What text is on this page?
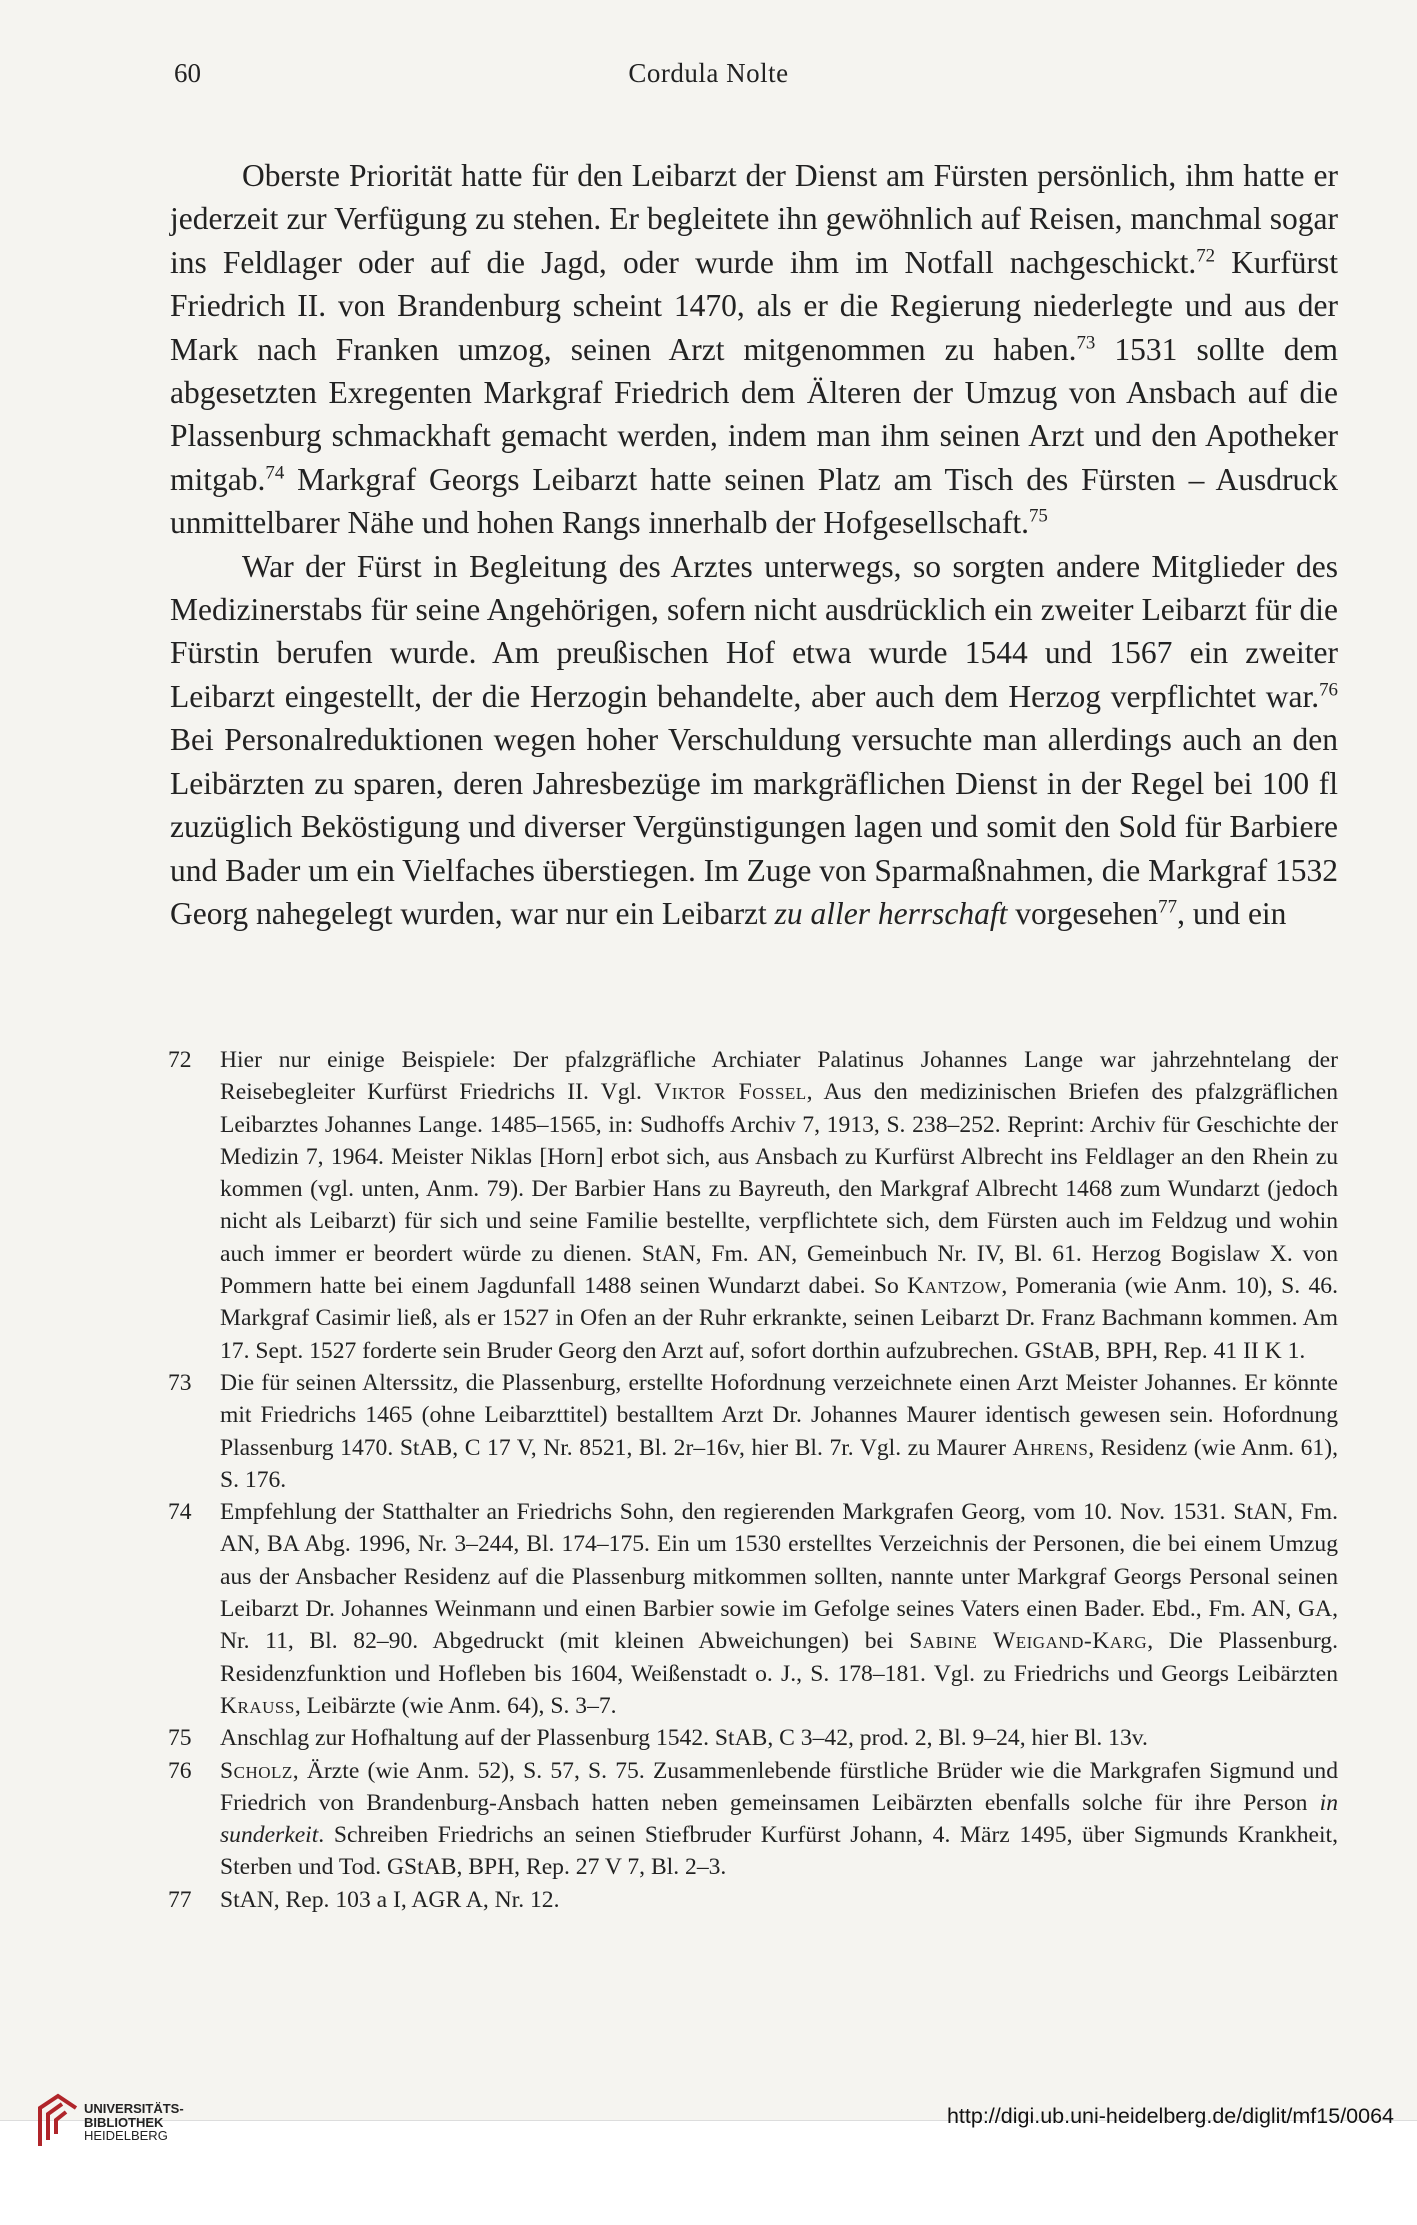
60	Cordula Nolte

Oberste Priorität hatte für den Leibarzt der Dienst am Fürsten persönlich, ihm hatte er jederzeit zur Verfügung zu stehen. Er begleitete ihn gewöhnlich auf Reisen, manchmal sogar ins Feldlager oder auf die Jagd, oder wurde ihm im Notfall nachgeschickt.$^{72}$ Kurfürst Friedrich II. von Brandenburg scheint 1470, als er die Regierung niederlegte und aus der Mark nach Franken umzog, seinen Arzt mitgenommen zu haben.$^{73}$ 1531 sollte dem abgesetzten Exregenten Markgraf Friedrich dem Älteren der Umzug von Ansbach auf die Plassenburg schmackhaft gemacht werden, indem man ihm seinen Arzt und den Apotheker mitgab.$^{74}$ Markgraf Georgs Leibarzt hatte seinen Platz am Tisch des Fürsten – Ausdruck unmittelbarer Nähe und hohen Rangs innerhalb der Hofgesellschaft.$^{75}$

War der Fürst in Begleitung des Arztes unterwegs, so sorgten andere Mitglieder des Medizinerstabs für seine Angehörigen, sofern nicht ausdrücklich ein zweiter Leibarzt für die Fürstin berufen wurde. Am preußischen Hof etwa wurde 1544 und 1567 ein zweiter Leibarzt eingestellt, der die Herzogin behandelte, aber auch dem Herzog verpflichtet war.$^{76}$ Bei Personalreduktionen wegen hoher Verschuldung versuchte man allerdings auch an den Leibärzten zu sparen, deren Jahresbezüge im markgräflichen Dienst in der Regel bei 100 fl zuzüglich Beköstigung und diverser Vergünstigungen lagen und somit den Sold für Barbiere und Bader um ein Vielfaches überstiegen. Im Zuge von Sparmaßnahmen, die Markgraf 1532 Georg nahegelegt wurden, war nur ein Leibarzt zu aller herrschaft vorgesehen$^{77}$, und ein

72 Hier nur einige Beispiele: Der pfalzgräfliche Archiater Palatinus Johannes Lange war jahrzehntelang der Reisebegleiter Kurfürst Friedrichs II. Vgl. Viktor Fossel, Aus den medizinischen Briefen des pfalzgräflichen Leibarztes Johannes Lange. 1485–1565, in: Sudhoffs Archiv 7, 1913, S. 238–252. Reprint: Archiv für Geschichte der Medizin 7, 1964. Meister Niklas [Horn] erbot sich, aus Ansbach zu Kurfürst Albrecht ins Feldlager an den Rhein zu kommen (vgl. unten, Anm. 79). Der Barbier Hans zu Bayreuth, den Markgraf Albrecht 1468 zum Wundarzt (jedoch nicht als Leibarzt) für sich und seine Familie bestellte, verpflichtete sich, dem Fürsten auch im Feldzug und wohin auch immer er beordert würde zu dienen. StAN, Fm. AN, Gemeinbuch Nr. IV, Bl. 61. Herzog Bogislaw X. von Pommern hatte bei einem Jagdunfall 1488 seinen Wundarzt dabei. So Kantzow, Pomerania (wie Anm. 10), S. 46. Markgraf Casimir ließ, als er 1527 in Ofen an der Ruhr erkrankte, seinen Leibarzt Dr. Franz Bachmann kommen. Am 17. Sept. 1527 forderte sein Bruder Georg den Arzt auf, sofort dorthin aufzubrechen. GStAB, BPH, Rep. 41 II K 1.
73 Die für seinen Alterssitz, die Plassenburg, erstellte Hofordnung verzeichnete einen Arzt Meister Johannes. Er könnte mit Friedrichs 1465 (ohne Leibarzttitel) bestalltem Arzt Dr. Johannes Maurer identisch gewesen sein. Hofordnung Plassenburg 1470. StAB, C 17 V, Nr. 8521, Bl. 2r–16v, hier Bl. 7r. Vgl. zu Maurer Ahrens, Residenz (wie Anm. 61), S. 176.
74 Empfehlung der Statthalter an Friedrichs Sohn, den regierenden Markgrafen Georg, vom 10. Nov. 1531. StAN, Fm. AN, BA Abg. 1996, Nr. 3–244, Bl. 174–175. Ein um 1530 erstelltes Verzeichnis der Personen, die bei einem Umzug aus der Ansbacher Residenz auf die Plassenburg mitkommen sollten, nannte unter Markgraf Georgs Personal seinen Leibarzt Dr. Johannes Weinmann und einen Barbier sowie im Gefolge seines Vaters einen Bader. Ebd., Fm. AN, GA, Nr. 11, Bl. 82–90. Abgedruckt (mit kleinen Abweichungen) bei Sabine Weigand-Karg, Die Plassenburg. Residenzfunktion und Hofleben bis 1604, Weißenstadt o. J., S. 178–181. Vgl. zu Friedrichs und Georgs Leibärzten Krauss, Leibärzte (wie Anm. 64), S. 3–7.
75 Anschlag zur Hofhaltung auf der Plassenburg 1542. StAB, C 3–42, prod. 2, Bl. 9–24, hier Bl. 13v.
76 Scholz, Ärzte (wie Anm. 52), S. 57, S. 75. Zusammenlebende fürstliche Brüder wie die Markgrafen Sigmund und Friedrich von Brandenburg-Ansbach hatten neben gemeinsamen Leibärzten ebenfalls solche für ihre Person in sunderkeit. Schreiben Friedrichs an seinen Stiefbruder Kurfürst Johann, 4. März 1495, über Sigmunds Krankheit, Sterben und Tod. GStAB, BPH, Rep. 27 V 7, Bl. 2–3.
77 StAN, Rep. 103 a I, AGR A, Nr. 12.
UNIVERSITÄTS-
BIBLIOTHEK
HEIDELBERG
http://digi.ub.uni-heidelberg.de/diglit/mf15/0064
